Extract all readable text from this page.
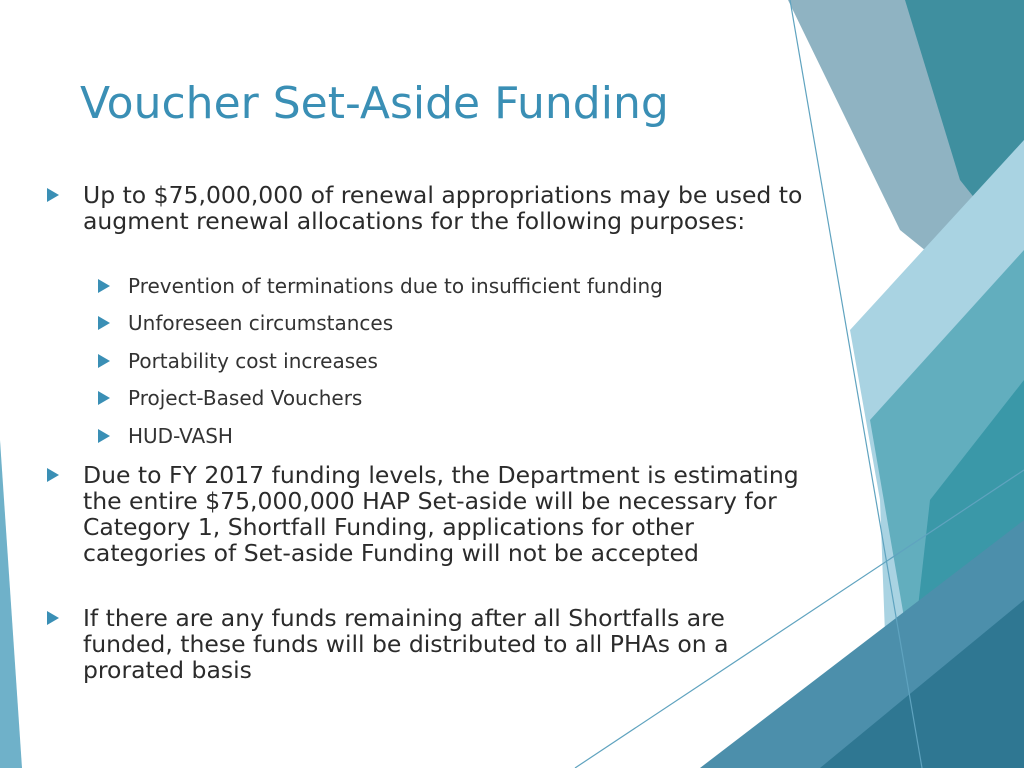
Voucher Set-Aside Funding
Up to $75,000,000 of renewal appropriations may be used to augment renewal allocations for the following purposes:
Prevention of terminations due to insufficient funding
Unforeseen circumstances
Portability cost increases
Project-Based Vouchers
HUD-VASH
Due to FY 2017 funding levels, the Department is estimating the entire $75,000,000 HAP Set-aside will be necessary for Category 1, Shortfall Funding, applications for other categories of Set-aside Funding will not be accepted
If there are any funds remaining after all Shortfalls are funded, these funds will be distributed to all PHAs on a prorated basis
